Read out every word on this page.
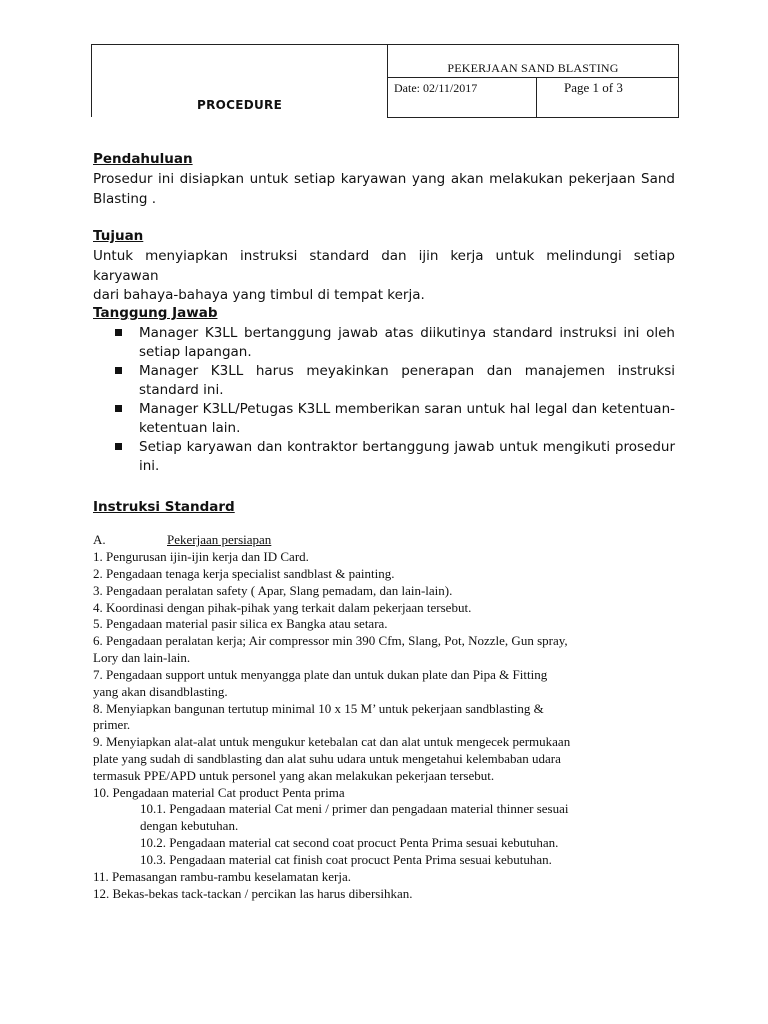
PROCEDURE
PEKERJAAN SAND BLASTING
Date: 02/11/2017	Page 1 of 3
Pendahuluan
Prosedur ini disiapkan untuk setiap karyawan yang akan melakukan pekerjaan Sand
Blasting .
Tujuan
Untuk menyiapkan instruksi standard dan ijin kerja untuk melindungi setiap karyawan
dari bahaya-bahaya yang timbul di tempat kerja.
Tanggung Jawab
Manager K3LL bertanggung jawab atas diikutinya standard instruksi ini oleh setiap lapangan.
Manager K3LL harus meyakinkan penerapan dan manajemen instruksi standard ini.
Manager K3LL/Petugas K3LL memberikan saran untuk hal legal dan ketentuan-ketentuan lain.
Setiap karyawan dan kontraktor bertanggung jawab untuk mengikuti prosedur ini.
Instruksi Standard
A.	Pekerjaan persiapan
1. Pengurusan ijin-ijin kerja dan ID Card.
2. Pengadaan tenaga kerja specialist sandblast & painting.
3. Pengadaan peralatan safety ( Apar, Slang pemadam, dan lain-lain).
4. Koordinasi dengan pihak-pihak yang terkait dalam pekerjaan tersebut.
5. Pengadaan material pasir silica ex Bangka atau setara.
6. Pengadaan peralatan kerja; Air compressor min 390 Cfm, Slang, Pot, Nozzle, Gun spray,
Lory dan lain-lain.
7. Pengadaan support untuk menyangga plate dan untuk dukan plate dan Pipa & Fitting
yang akan disandblasting.
8. Menyiapkan bangunan tertutup minimal 10 x 15 M’ untuk pekerjaan sandblasting &
primer.
9. Menyiapkan alat-alat untuk mengukur ketebalan cat dan alat untuk mengecek permukaan
plate yang sudah di sandblasting dan alat suhu udara untuk mengetahui kelembaban udara
termasuk PPE/APD untuk personel yang akan melakukan pekerjaan tersebut.
10. Pengadaan material Cat product Penta prima
10.1. Pengadaan material Cat meni / primer dan pengadaan material thinner sesuai
dengan kebutuhan.
10.2. Pengadaan material cat second coat procuct Penta Prima sesuai kebutuhan.
10.3. Pengadaan material cat finish coat procuct Penta Prima sesuai kebutuhan.
11. Pemasangan rambu-rambu keselamatan kerja.
12. Bekas-bekas tack-tackan / percikan las harus dibersihkan.
